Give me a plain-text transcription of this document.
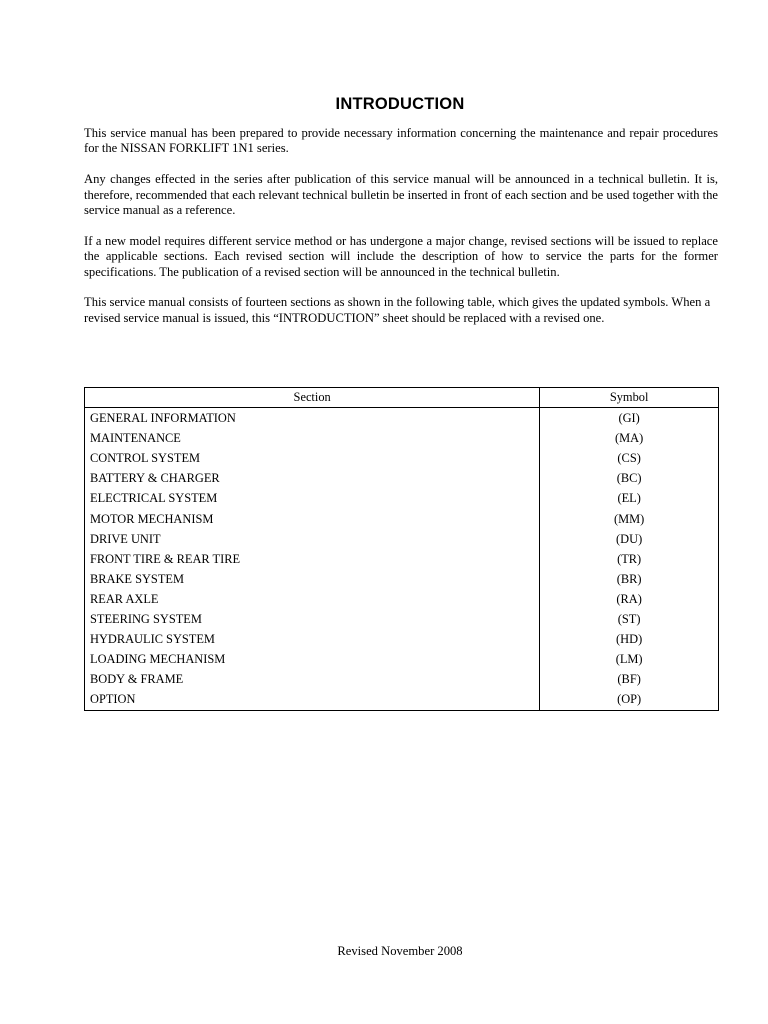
INTRODUCTION

This service manual has been prepared to provide necessary information concerning the maintenance and repair procedures for the NISSAN FORKLIFT 1N1 series.

Any changes effected in the series after publication of this service manual will be announced in a technical bulletin. It is, therefore, recommended that each relevant technical bulletin be inserted in front of each section and be used together with the service manual as a reference.

If a new model requires different service method or has undergone a major change, revised sections will be issued to replace the applicable sections. Each revised section will include the description of how to service the parts for the former specifications. The publication of a revised section will be announced in the technical bulletin.

This service manual consists of fourteen sections as shown in the following table, which gives the updated symbols. When a revised service manual is issued, this “INTRODUCTION” sheet should be replaced with a revised one.

Section	Symbol
GENERAL INFORMATION	(GI)
MAINTENANCE	(MA)
CONTROL SYSTEM	(CS)
BATTERY & CHARGER	(BC)
ELECTRICAL SYSTEM	(EL)
MOTOR MECHANISM	(MM)
DRIVE UNIT	(DU)
FRONT TIRE & REAR TIRE	(TR)
BRAKE SYSTEM	(BR)
REAR AXLE	(RA)
STEERING SYSTEM	(ST)
HYDRAULIC SYSTEM	(HD)
LOADING MECHANISM	(LM)
BODY & FRAME	(BF)
OPTION	(OP)
Revised November 2008
